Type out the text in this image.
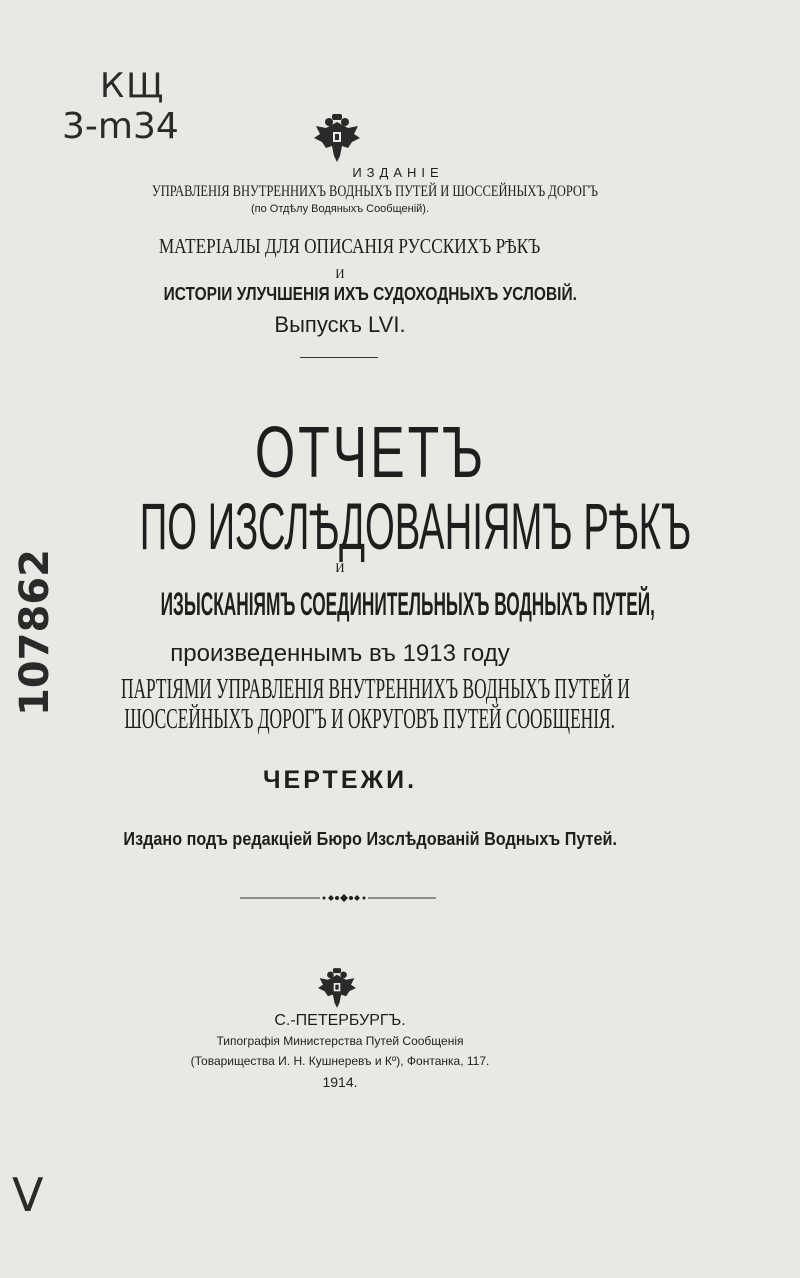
КЩ
3-m34
107862
V
ИЗДАНІЕ
УПРАВЛЕНІЯ ВНУТРЕННИХЪ ВОДНЫХЪ ПУТЕЙ И ШОССЕЙНЫХЪ ДОРОГЪ
(по Отдѣлу Водяныхъ Сообщеній).
МАТЕРІАЛЫ ДЛЯ ОПИСАНІЯ РУССКИХЪ РѢКЪ
И
ИСТОРІИ УЛУЧШЕНІЯ ИХЪ СУДОХОДНЫХЪ УСЛОВІЙ.
Выпускъ LVI.
ОТЧЕТЪ
ПО ИЗСЛѢДОВАНІЯМЪ РѢКЪ
И
ИЗЫСКАНІЯМЪ СОЕДИНИТЕЛЬНЫХЪ ВОДНЫХЪ ПУТЕЙ,
произведеннымъ въ 1913 году
ПАРТІЯМИ УПРАВЛЕНІЯ ВНУТРЕННИХЪ ВОДНЫХЪ ПУТЕЙ И
ШОССЕЙНЫХЪ ДОРОГЪ И ОКРУГОВЪ ПУТЕЙ СООБЩЕНІЯ.
ЧЕРТЕЖИ.
Издано подъ редакціей Бюро Изслѣдованій Водныхъ Путей.
С.-ПЕТЕРБУРГЪ.
Типографія Министерства Путей Сообщенія
(Товарищества И. Н. Кушнеревъ и Кº), Фонтанка, 117.
1914.
